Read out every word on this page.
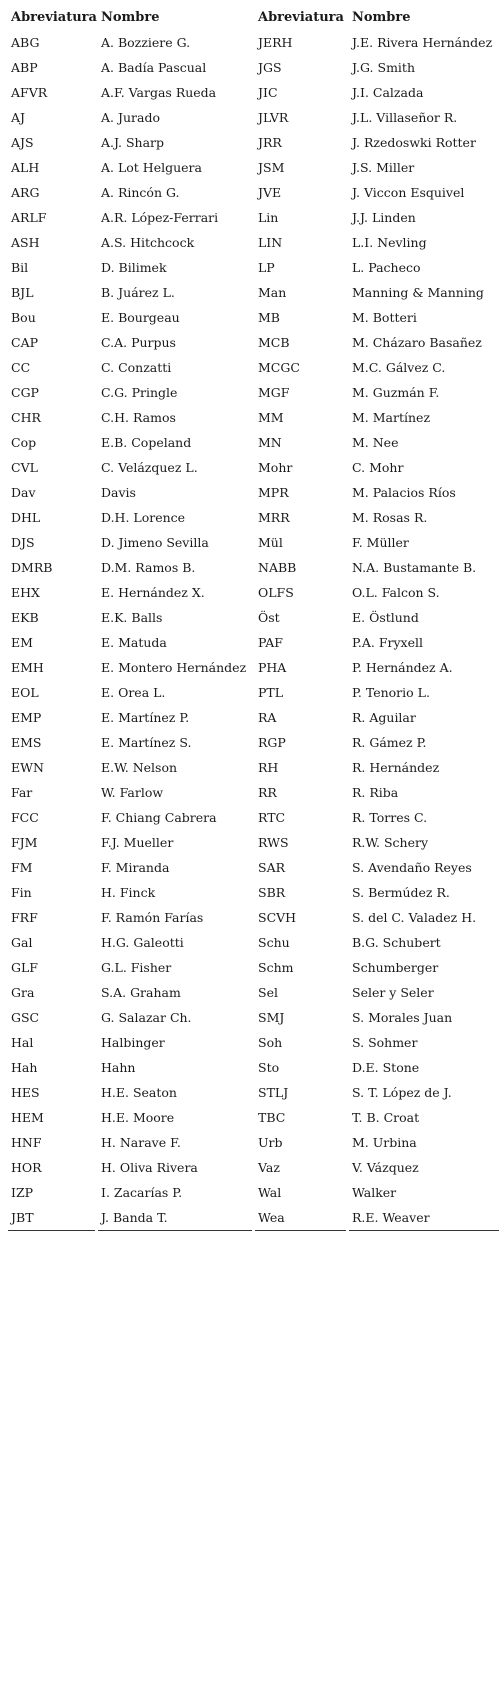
Abreviatura	Nombre	Abreviatura	Nombre
ABG	A. Bozziere G.	JERH	J.E. Rivera Hernández
ABP	A. Badía Pascual	JGS	J.G. Smith
AFVR	A.F. Vargas Rueda	JIC	J.I. Calzada
AJ	A. Jurado	JLVR	J.L. Villaseñor R.
AJS	A.J. Sharp	JRR	J. Rzedoswki Rotter
ALH	A. Lot Helguera	JSM	J.S. Miller
ARG	A. Rincón G.	JVE	J. Viccon Esquivel
ARLF	A.R. López-Ferrari	Lin	J.J. Linden
ASH	A.S. Hitchcock	LIN	L.I. Nevling
Bil	D. Bilimek	LP	L. Pacheco
BJL	B. Juárez L.	Man	Manning & Manning
Bou	E. Bourgeau	MB	M. Botteri
CAP	C.A. Purpus	MCB	M. Cházaro Basañez
CC	C. Conzatti	MCGC	M.C. Gálvez C.
CGP	C.G. Pringle	MGF	M. Guzmán F.
CHR	C.H. Ramos	MM	M. Martínez
Cop	E.B. Copeland	MN	M. Nee
CVL	C. Velázquez L.	Mohr	C. Mohr
Dav	Davis	MPR	M. Palacios Ríos
DHL	D.H. Lorence	MRR	M. Rosas R.
DJS	D. Jimeno Sevilla	Mül	F. Müller
DMRB	D.M. Ramos B.	NABB	N.A. Bustamante B.
EHX	E. Hernández X.	OLFS	O.L. Falcon S.
EKB	E.K. Balls	Öst	E. Östlund
EM	E. Matuda	PAF	P.A. Fryxell
EMH	E. Montero Hernández	PHA	P. Hernández A.
EOL	E. Orea L.	PTL	P. Tenorio L.
EMP	E. Martínez P.	RA	R. Aguilar
EMS	E. Martínez S.	RGP	R. Gámez P.
EWN	E.W. Nelson	RH	R. Hernández
Far	W. Farlow	RR	R. Riba
FCC	F. Chiang Cabrera	RTC	R. Torres C.
FJM	F.J. Mueller	RWS	R.W. Schery
FM	F. Miranda	SAR	S. Avendaño Reyes
Fin	H. Finck	SBR	S. Bermúdez R.
FRF	F. Ramón Farías	SCVH	S. del C. Valadez H.
Gal	H.G. Galeotti	Schu	B.G. Schubert
GLF	G.L. Fisher	Schm	Schumberger
Gra	S.A. Graham	Sel	Seler y Seler
GSC	G. Salazar Ch.	SMJ	S. Morales Juan
Hal	Halbinger	Soh	S. Sohmer
Hah	Hahn	Sto	D.E. Stone
HES	H.E. Seaton	STLJ	S. T. López de J.
HEM	H.E. Moore	TBC	T. B. Croat
HNF	H. Narave F.	Urb	M. Urbina
HOR	H. Oliva Rivera	Vaz	V. Vázquez
IZP	I. Zacarías P.	Wal	Walker
JBT	J. Banda T.	Wea	R.E. Weaver
